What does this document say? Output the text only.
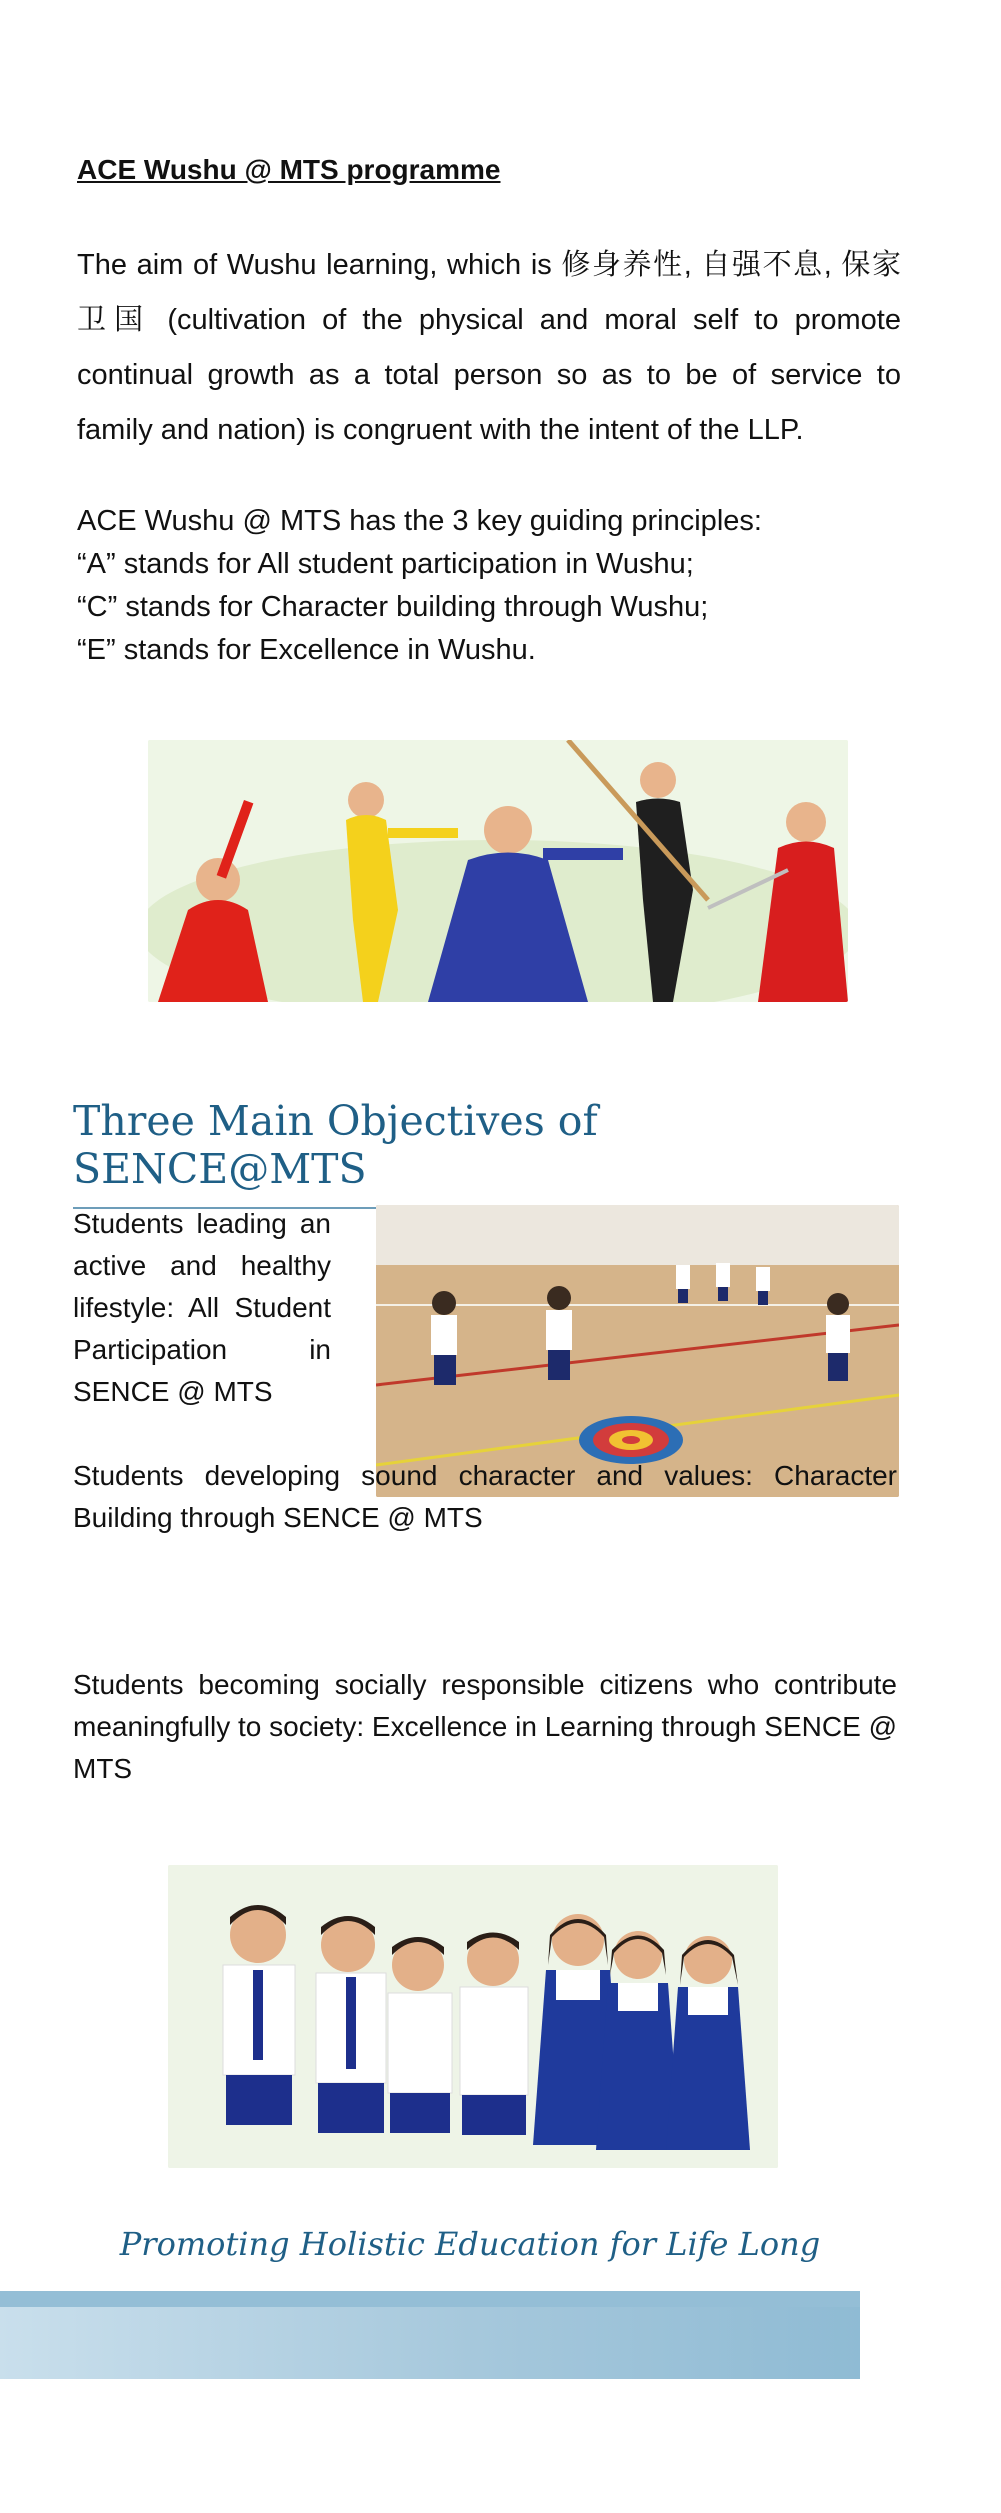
ACE Wushu @ MTS programme

The aim of Wushu learning, which is 修身养性, 自强不息, 保家卫国 (cultivation of the physical and moral self to promote continual growth as a total person so as to be of service to family and nation) is congruent with the intent of the LLP.

ACE Wushu @ MTS has the 3 key guiding principles:
“A” stands for All student participation in Wushu;
“C” stands for Character building through Wushu;
“E” stands for Excellence in Wushu.
Three Main Objectives of SENCE@MTS

Students leading an active and healthy lifestyle: All Student Participation in SENCE @ MTS

Students developing sound character and values: Character Building through SENCE @ MTS

Students becoming socially responsible citizens who contribute meaningfully to society: Excellence in Learning through SENCE @ MTS

Promoting Holistic Education for Life Long
